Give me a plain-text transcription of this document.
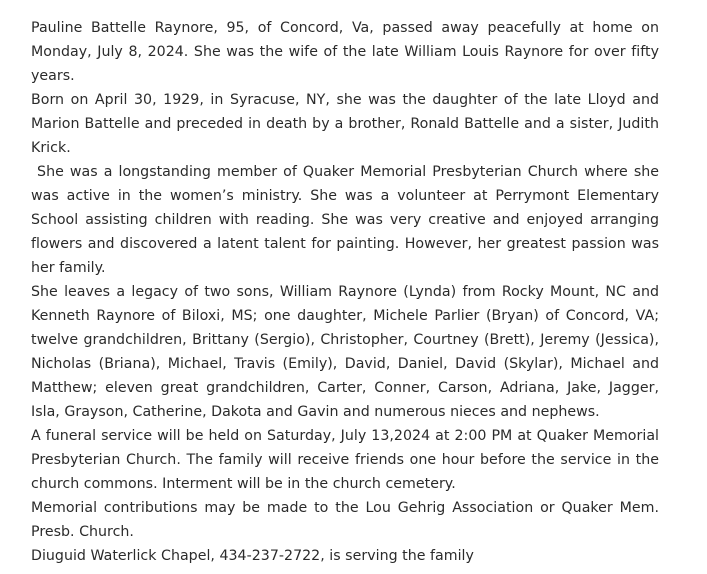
Pauline Battelle Raynore, 95, of Concord, Va, passed away peacefully at home on Monday, July 8, 2024. She was the wife of the late William Louis Raynore for over fifty years.

Born on April 30, 1929, in Syracuse, NY, she was the daughter of the late Lloyd and Marion Battelle and preceded in death by a brother, Ronald Battelle and a sister, Judith Krick.

She was a longstanding member of Quaker Memorial Presbyterian Church where she was active in the women’s ministry. She was a volunteer at Perrymont Elementary School assisting children with reading. She was very creative and enjoyed arranging flowers and discovered a latent talent for painting. However, her greatest passion was her family.

She leaves a legacy of two sons, William Raynore (Lynda) from Rocky Mount, NC and Kenneth Raynore of Biloxi, MS; one daughter, Michele Parlier (Bryan) of Concord, VA; twelve grandchildren, Brittany (Sergio), Christopher, Courtney (Brett), Jeremy (Jessica), Nicholas (Briana), Michael, Travis (Emily), David, Daniel, David (Skylar), Michael and Matthew; eleven great grandchildren, Carter, Conner, Carson, Adriana, Jake, Jagger, Isla, Grayson, Catherine, Dakota and Gavin and numerous nieces and nephews.

A funeral service will be held on Saturday, July 13,2024 at 2:00 PM at Quaker Memorial Presbyterian Church. The family will receive friends one hour before the service in the church commons. Interment will be in the church cemetery.

Memorial contributions may be made to the Lou Gehrig Association or Quaker Mem. Presb. Church.

Diuguid Waterlick Chapel, 434-237-2722, is serving the family
